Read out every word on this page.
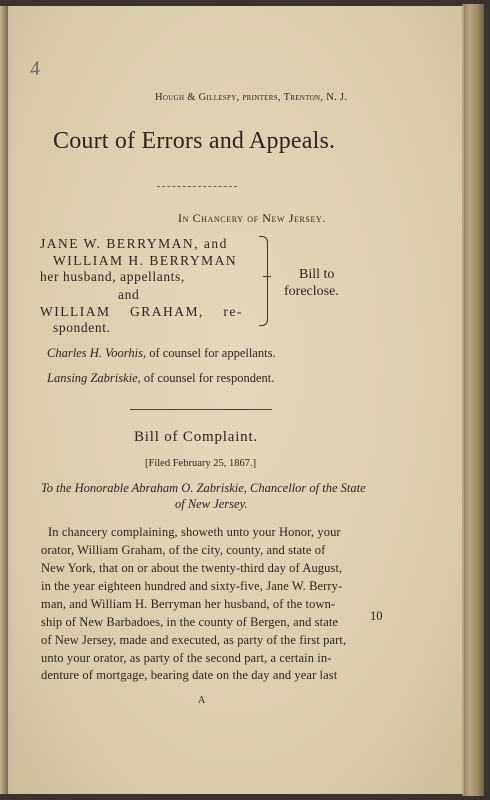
4
Hough & Gillespy, printers, Trenton, N. J.
Court of Errors and Appeals.
In Chancery of New Jersey.
JANE W. BERRYMAN, and
WILLIAM H. BERRYMAN
her husband, appellants,
and
WILLIAM    GRAHAM,    re-
spondent.
Bill to
foreclose.
Charles H. Voorhis, of counsel for appellants.
Lansing Zabriskie, of counsel for respondent.
Bill of Complaint.
[Filed February 25, 1867.]
To the Honorable Abraham O. Zabriskie, Chancellor of the State
of New Jersey.
In chancery complaining, showeth unto your Honor, your
orator, William Graham, of the city, county, and state of
New York, that on or about the twenty-third day of August,
in the year eighteen hundred and sixty-five, Jane W. Berry-
man, and William H. Berryman her husband, of the town-
ship of New Barbadoes, in the county of Bergen, and state
of New Jersey, made and executed, as party of the first part,
unto your orator, as party of the second part, a certain in-
10
denture of mortgage, bearing date on the day and year last
A
